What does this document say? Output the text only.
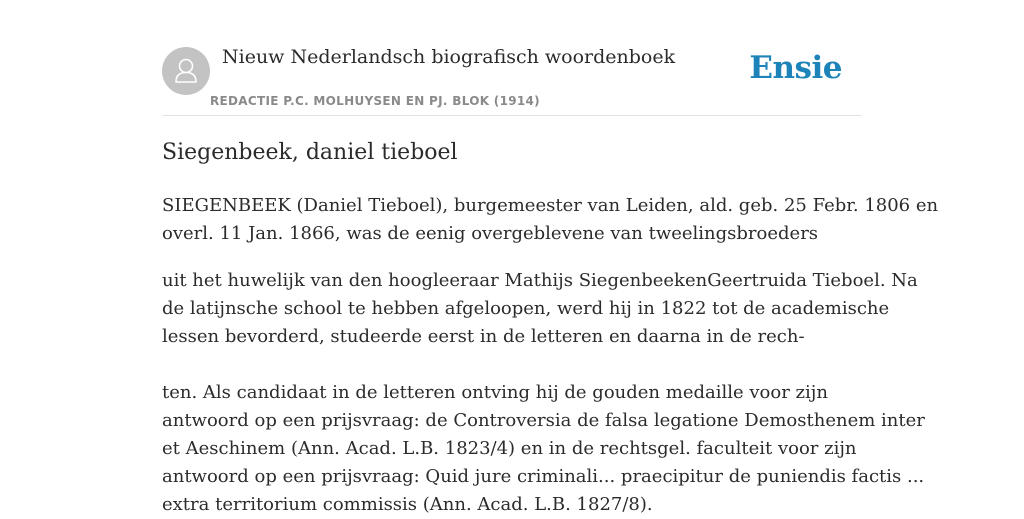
Nieuw Nederlandsch biografisch woordenboek
REDACTIE P.C. MOLHUYSEN EN PJ. BLOK (1914)
Ensie
Siegenbeek, daniel tieboel

SIEGENBEEK (Daniel Tieboel), burgemeester van Leiden, ald. geb. 25 Febr. 1806 en
overl. 11 Jan. 1866, was de eenig overgeblevene van tweelingsbroeders

uit het huwelijk van den hoogleeraar Mathijs SiegenbeekenGeertruida Tieboel. Na
de latijnsche school te hebben afgeloopen, werd hij in 1822 tot de academische
lessen bevorderd, studeerde eerst in de letteren en daarna in de rech-

ten. Als candidaat in de letteren ontving hij de gouden medaille voor zijn
antwoord op een prijsvraag: de Controversia de falsa legatione Demosthenem inter
et Aeschinem (Ann. Acad. L.B. 1823/4) en in de rechtsgel. faculteit voor zijn
antwoord op een prijsvraag: Quid jure criminali... praecipitur de puniendis factis ...
extra territorium commissis (Ann. Acad. L.B. 1827/8).
